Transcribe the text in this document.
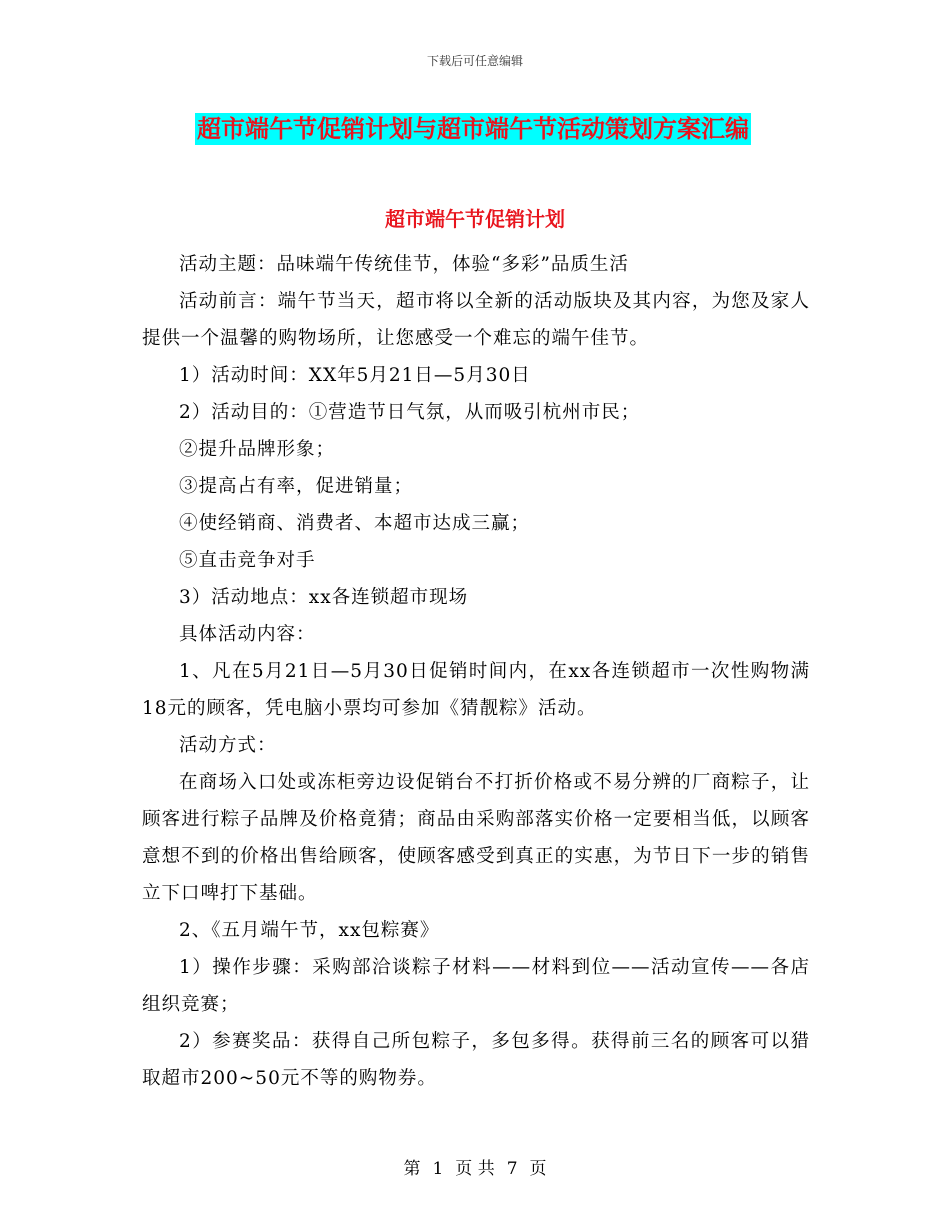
下载后可任意编辑
超市端午节促销计划与超市端午节活动策划方案汇编
超市端午节促销计划

活动主题：品味端午传统佳节，体验“多彩”品质生活

活动前言：端午节当天，超市将以全新的活动版块及其内容，为您及家人提供一个温馨的购物场所，让您感受一个难忘的端午佳节。

1）活动时间：XX年5月21日—5月30日

2）活动目的：①营造节日气氛，从而吸引杭州市民；

②提升品牌形象；

③提高占有率，促进销量；

④使经销商、消费者、本超市达成三赢；

⑤直击竞争对手

3）活动地点：xx各连锁超市现场

具体活动内容：

1、凡在5月21日—5月30日促销时间内，在xx各连锁超市一次性购物满18元的顾客，凭电脑小票均可参加《猜靓粽》活动。

活动方式：

在商场入口处或冻柜旁边设促销台不打折价格或不易分辨的厂商粽子，让顾客进行粽子品牌及价格竟猜；商品由采购部落实价格一定要相当低，以顾客意想不到的价格出售给顾客，使顾客感受到真正的实惠，为节日下一步的销售立下口啤打下基础。

2、《五月端午节，xx包粽赛》

1）操作步骤：采购部洽谈粽子材料——材料到位——活动宣传——各店组织竞赛；

2）参赛奖品：获得自己所包粽子，多包多得。获得前三名的顾客可以猎取超市200~50元不等的购物券。

第 1 页 共 7 页
